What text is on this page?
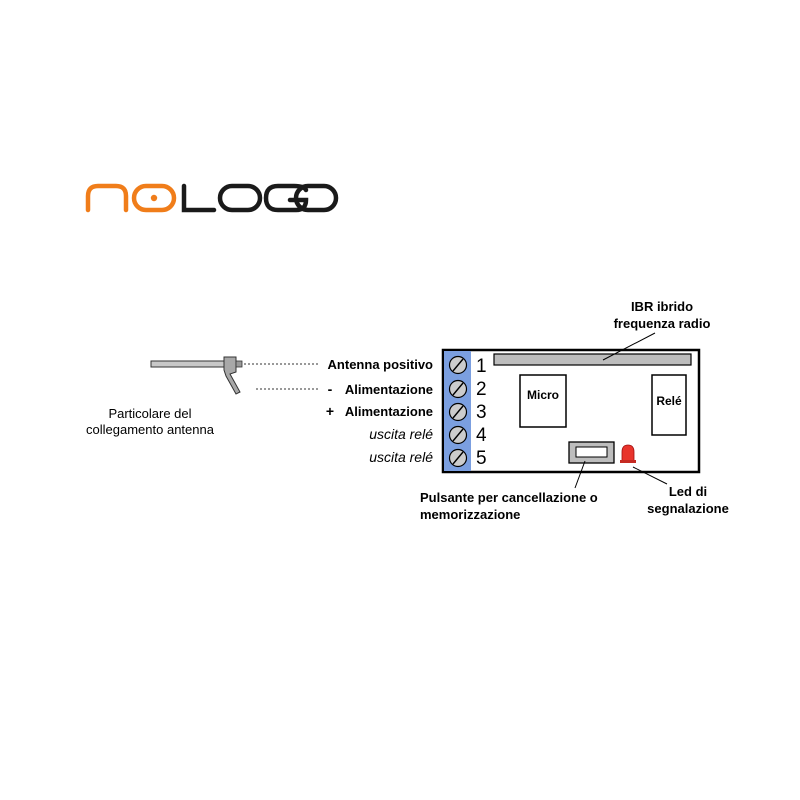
Particolare del
collegamento antenna
Antenna positivo
- Alimentazione
+ Alimentazione
uscita relé
uscita relé
1
2
3
4
5
Micro	Relé
IBR ibrido
frequenza radio
Pulsante per cancellazione o
memorizzazione
Led di
segnalazione
